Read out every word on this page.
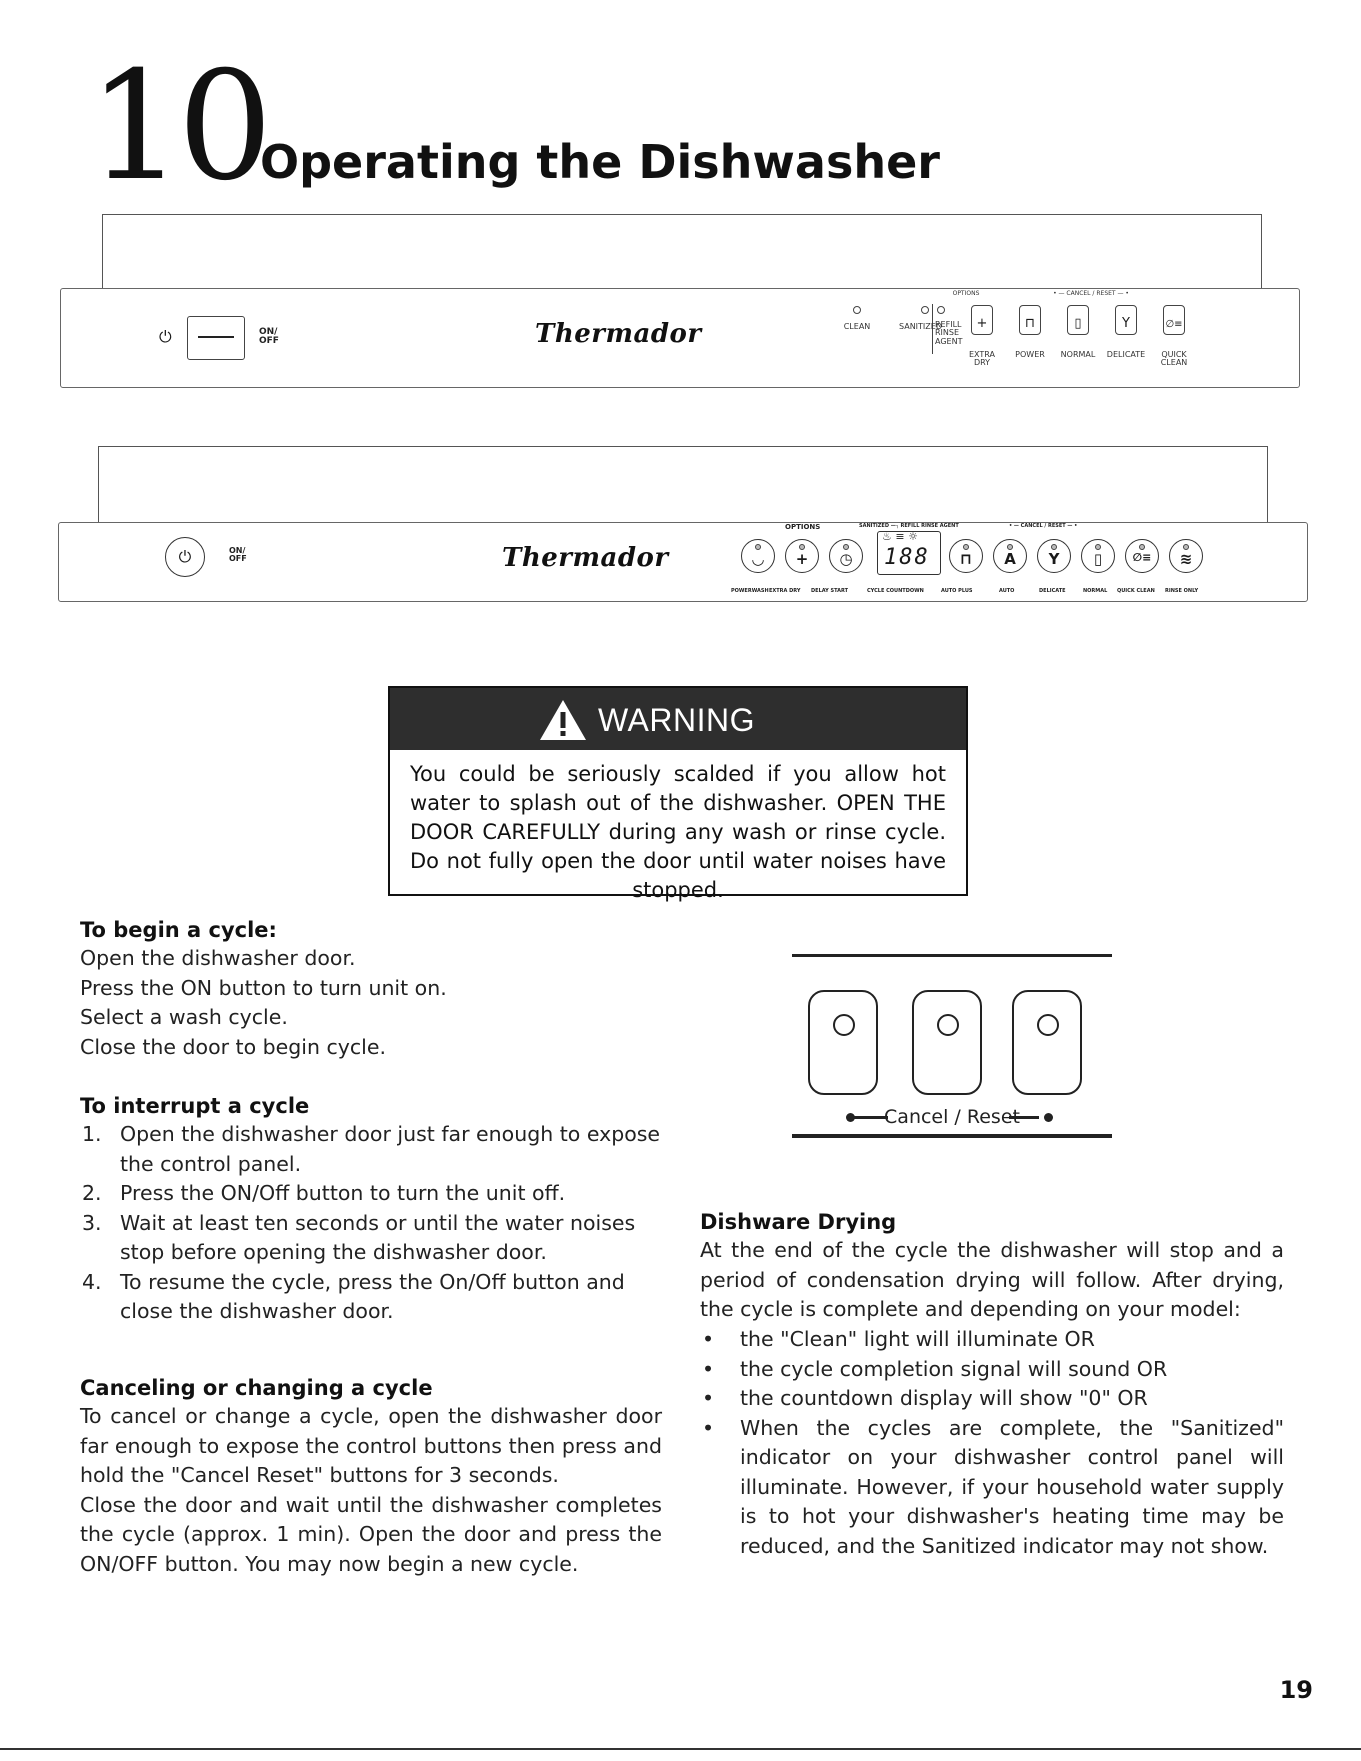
10
Operating the Dishwasher
⏻	ON/
OFF	Thermador
OPTIONS	• — CANCEL / RESET — •
CLEAN	SANITIZED
REFILL
RINSE
AGENT
+	⊓	▯	Y	∅≡
EXTRA
DRY
POWER	NORMAL	DELICATE	QUICK
CLEAN
⏻	ON/
OFF	Thermador
OPTIONS	SANITIZED —┐ REFILL RINSE AGENT	• — CANCEL / RESET — •
◡	+	◷
♨ ≡ ☼
188	⊓	A	Y	▯	∅≡	≋
POWERWASH EXTRA DRY DELAY START	CYCLE COUNTDOWN	AUTO PLUS	AUTO	DELICATE	NORMAL QUICK CLEAN RINSE ONLY
WARNING
You could be seriously scalded if you allow hot water to splash out of the dishwasher. OPEN THE DOOR CAREFULLY during any wash or rinse cycle. Do not fully open the door until water noises have stopped.
To begin a cycle:
Open the dishwasher door.
Press the ON button to turn unit on.
Select a wash cycle.
Close the door to begin cycle.
To interrupt a cycle
1. Open the dishwasher door just far enough to expose the control panel.
2. Press the ON/Off button to turn the unit off.
3. Wait at least ten seconds or until the water noises stop before opening the dishwasher door.
4. To resume the cycle, press the On/Off button and close the dishwasher door.
Canceling or changing a cycle
To cancel or change a cycle, open the dishwasher door far enough to expose the control buttons then press and hold the "Cancel Reset" buttons for 3 seconds.
Close the door and wait until the dishwasher completes the cycle (approx. 1 min). Open the door and press the ON/OFF button. You may now begin a new cycle.
Cancel / Reset
Dishware Drying
At the end of the cycle the dishwasher will stop and a period of condensation drying will follow. After drying, the cycle is complete and depending on your model:
• the "Clean" light will illuminate OR
• the cycle completion signal will sound OR
• the countdown display will show "0" OR
• When the cycles are complete, the "Sanitized" indicator on your dishwasher control panel will illuminate. However, if your household water supply is to hot your dishwasher's heating time may be reduced, and the Sanitized indicator may not show.
19
